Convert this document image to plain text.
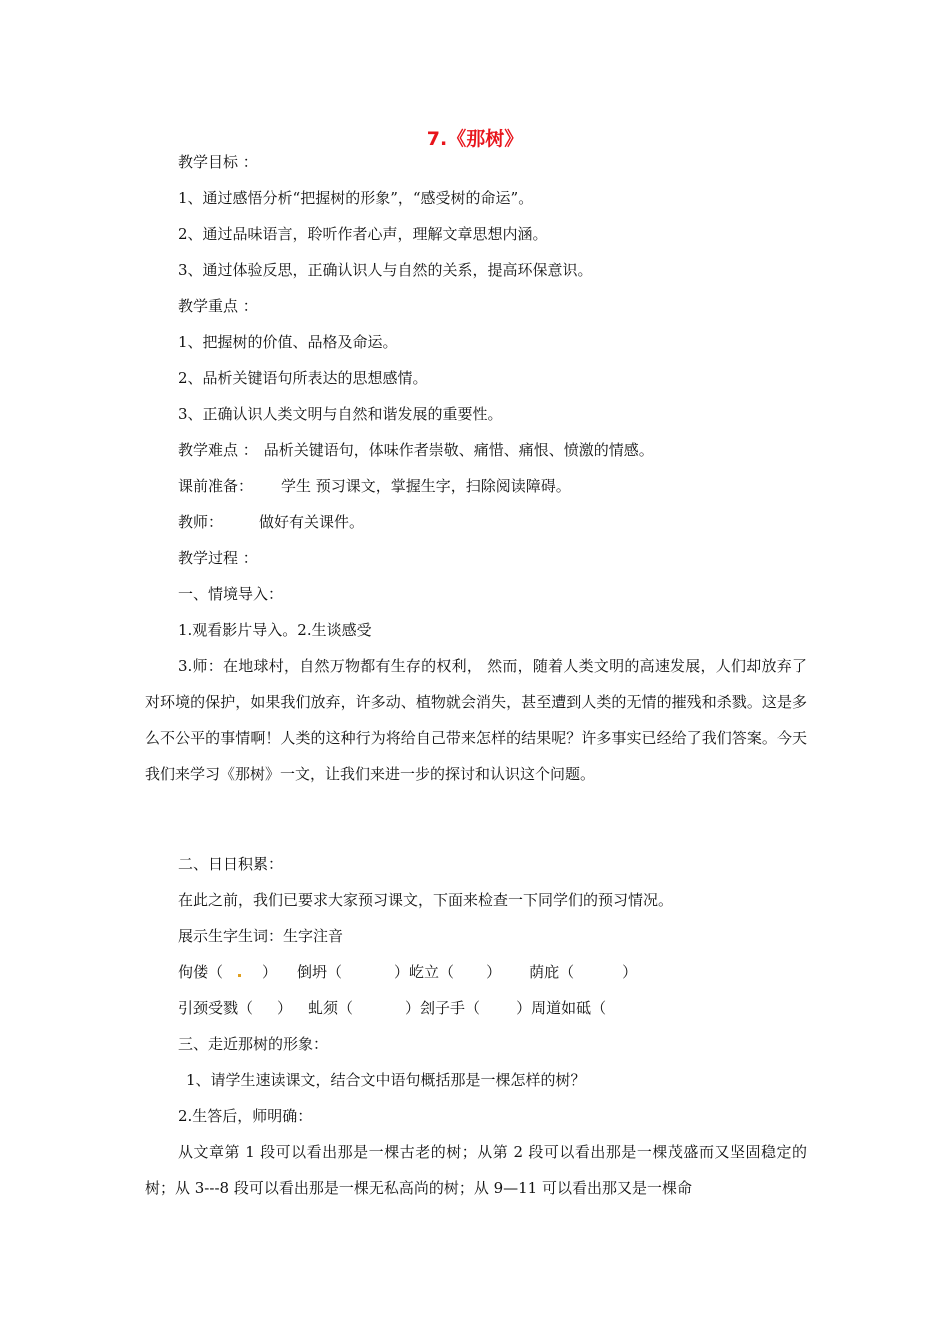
7.《那树》
教学目标 ：
1、通过感悟分析“把握树的形象”，“感受树的命运”。
2、通过品味语言，聆听作者心声，理解文章思想内涵。
3、通过体验反思，正确认识人与自然的关系，提高环保意识。
教学重点 ：
1、把握树的价值、品格及命运。
2、品析关键语句所表达的思想感情。
3、正确认识人类文明与自然和谐发展的重要性。
教学难点 ： 品析关键语句，体味作者崇敬、痛惜、痛恨、愤激的情感。
课前准备： 学生 预习课文，掌握生字，扫除阅读障碍。
教师： 做好有关课件。
教学过程 ：
一、情境导入：
1.观看影片导入。2.生谈感受
3.师：在地球村，自然万物都有生存的权利， 然而，随着人类文明的高速发展，人们却放弃了对环境的保护，如果我们放弃，许多动、植物就会消失，甚至遭到人类的无情的摧残和杀戮。这是多么不公平的事情啊！人类的这种行为将给自己带来怎样的结果呢？许多事实已经给了我们答案。今天我们来学习《那树》一文，让我们来进一步的探讨和认识这个问题。
二、日日积累：
在此之前，我们已要求大家预习课文，下面来检查一下同学们的预习情况。
展示生字生词：生字注音
佝偻（	） 倒坍（	）屹立（ ） 荫庇（	）
引颈受戮（ ） 虬须（	）刽子手（ ）周道如砥（
三、走近那树的形象：
1、请学生速读课文，结合文中语句概括那是一棵怎样的树？
2.生答后，师明确：
从文章第 1 段可以看出那是一棵古老的树；从第 2 段可以看出那是一棵茂盛而又坚固稳定的树；从 3---8 段可以看出那是一棵无私高尚的树；从 9—11 可以看出那又是一棵命
